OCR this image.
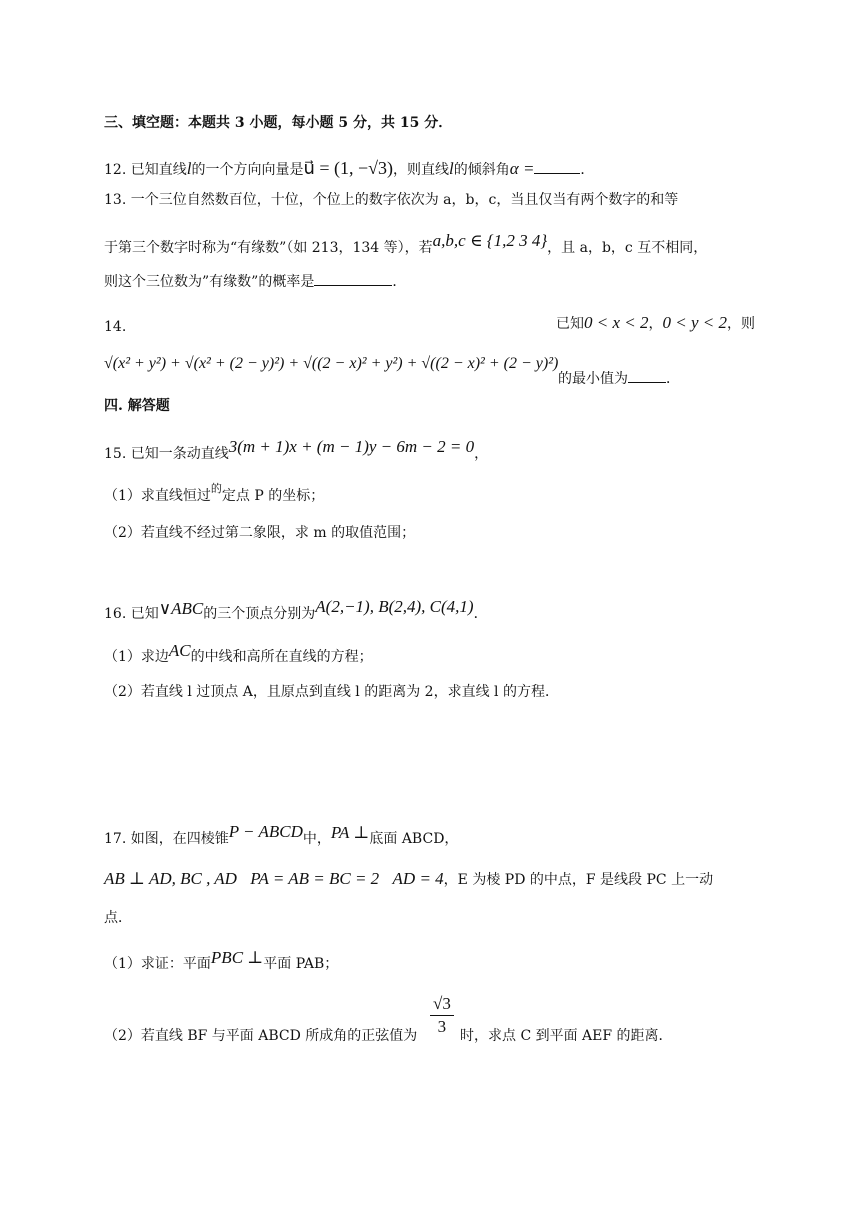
三、填空题：本题共 3 小题，每小题 5 分，共 15 分．
12. 已知直线l的一个方向向量是u⃗ = (1, −√3)，则直线l的倾斜角α =	．
13. 一个三位自然数百位，十位，个位上的数字依次为 a，b，c，当且仅当有两个数字的和等
于第三个数字时称为“有缘数”（如 213，134 等），若a,b,c ∈ {1,2 3 4}，且 a，b，c 互不相同，
则这个三位数为”有缘数”的概率是	．
14.	已知0 < x < 2，0 < y < 2，则
√(x² + y²) + √(x² + (2 − y)²) + √((2 − x)² + y²) + √((2 − x)² + (2 − y)²)
的最小值为	．
四. 解答题
15. 已知一条动直线3(m + 1)x + (m − 1)y − 6m − 2 = 0，
（1）求直线恒过$^的$定点 P 的坐标；
（2）若直线不经过第二象限，求 m 的取值范围；
16. 已知∨ABC的三个顶点分别为A(2,−1), B(2,4), C(4,1)．
（1）求边AC的中线和高所在直线的方程；
（2）若直线 l 过顶点 A，且原点到直线 l 的距离为 2，求直线 l 的方程．
17. 如图，在四棱锥P − ABCD中，PA ⊥底面 ABCD，
AB ⊥ AD, BC , AD PA = AB = BC = 2 AD = 4，E 为棱 PD 的中点，F 是线段 PC 上一动
点．
（1）求证：平面PBC ⊥平面 PAB；
（2）若直线 BF 与平面 ABCD 所成角的正弦值为 $\frac{√3}{3}$ 时，求点 C 到平面 AEF 的距离．
